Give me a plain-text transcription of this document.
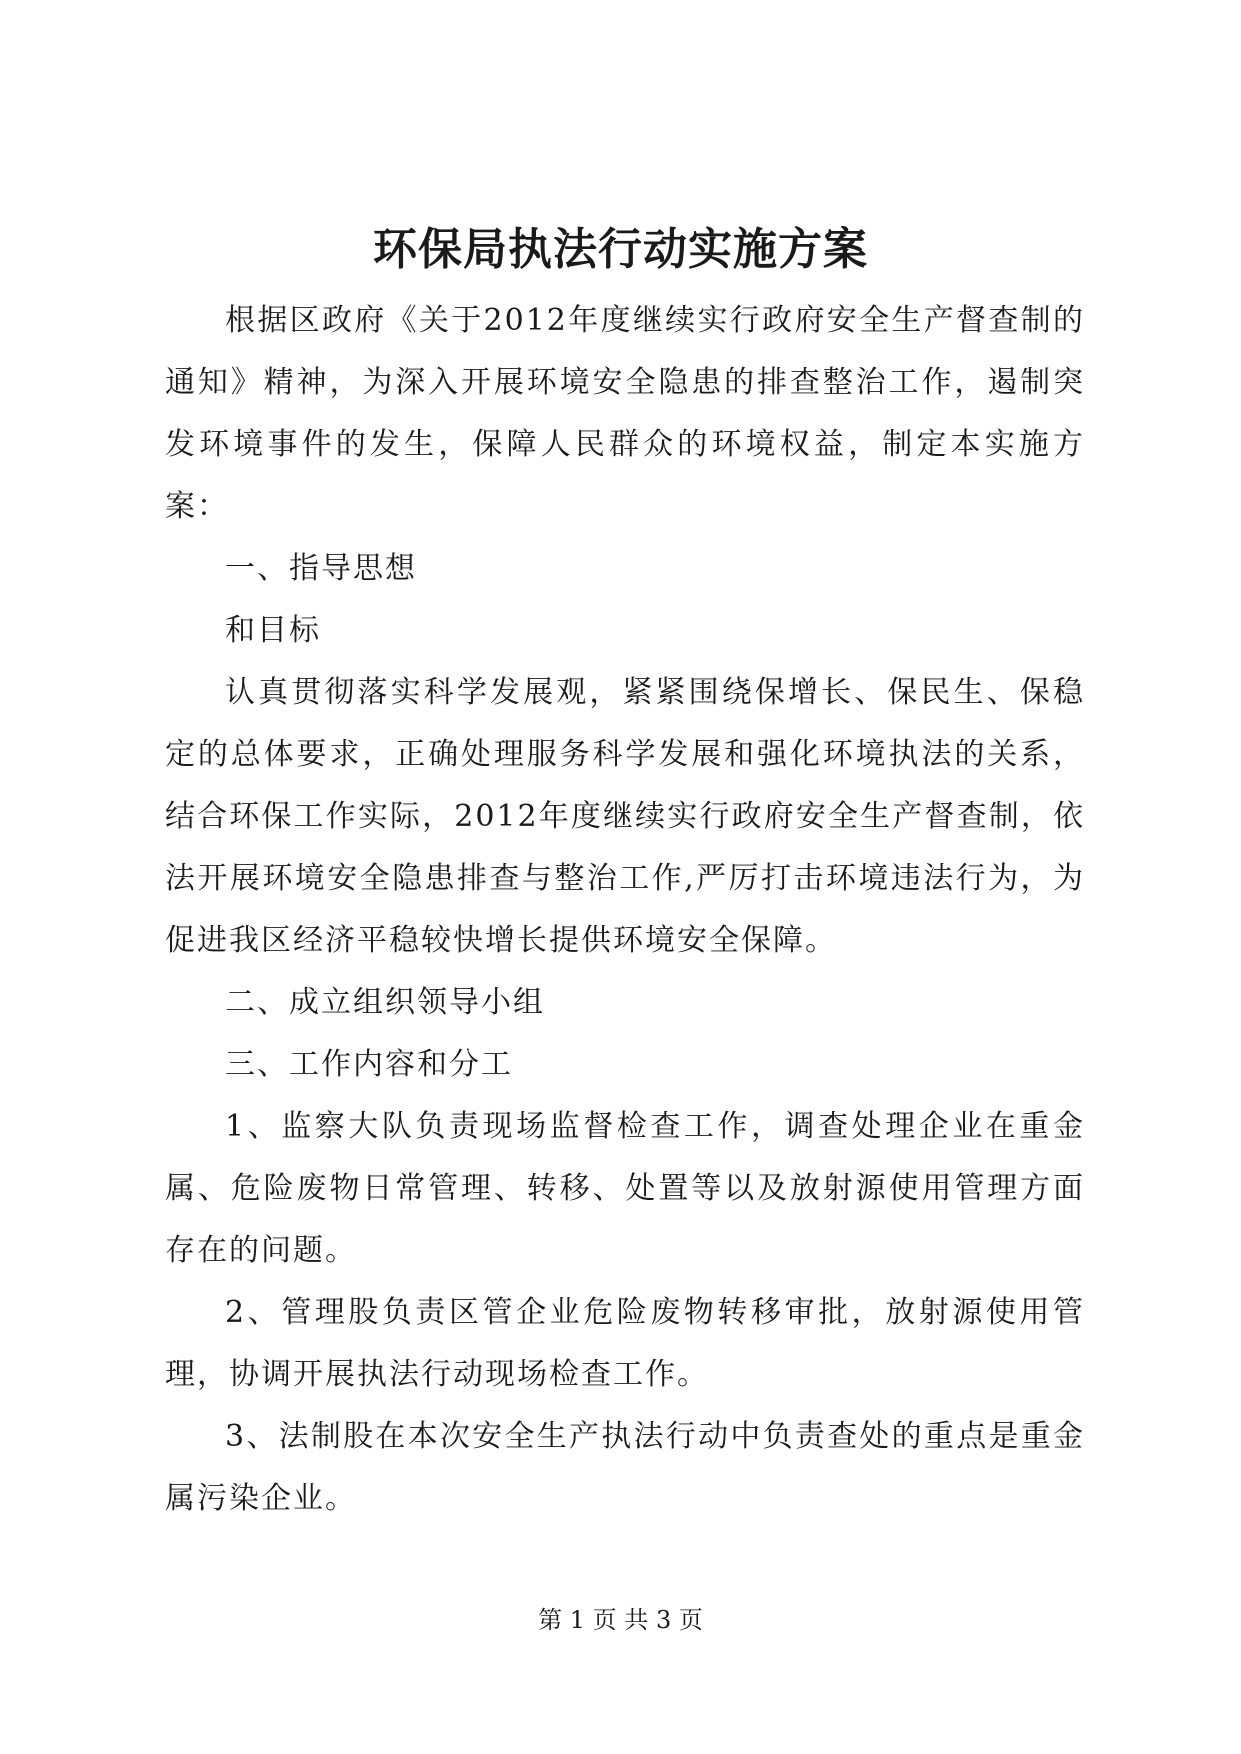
环保局执法行动实施方案

根据区政府《关于2012年度继续实行政府安全生产督查制的通知》精神，为深入开展环境安全隐患的排查整治工作，遏制突发环境事件的发生，保障人民群众的环境权益，制定本实施方案：

一、指导思想

和目标

认真贯彻落实科学发展观，紧紧围绕保增长、保民生、保稳定的总体要求，正确处理服务科学发展和强化环境执法的关系，结合环保工作实际，2012年度继续实行政府安全生产督查制，依法开展环境安全隐患排查与整治工作,严厉打击环境违法行为，为促进我区经济平稳较快增长提供环境安全保障。

二、成立组织领导小组

三、工作内容和分工

1、监察大队负责现场监督检查工作，调查处理企业在重金属、危险废物日常管理、转移、处置等以及放射源使用管理方面存在的问题。

2、管理股负责区管企业危险废物转移审批，放射源使用管理，协调开展执法行动现场检查工作。

3、法制股在本次安全生产执法行动中负责查处的重点是重金属污染企业。

第 1 页 共 3 页
